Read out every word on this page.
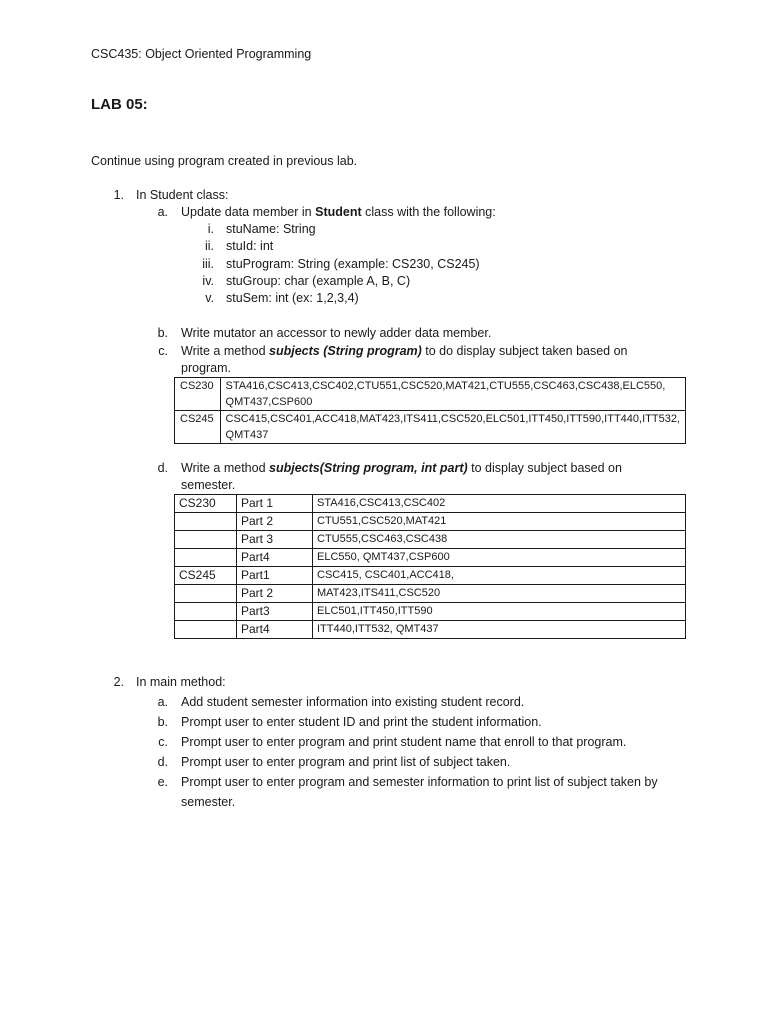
CSC435: Object Oriented Programming
LAB 05:
Continue using program created in previous lab.
1. In Student class:
a. Update data member in Student class with the following:
i. stuName: String
ii. stuId: int
iii. stuProgram: String (example: CS230, CS245)
iv. stuGroup: char (example A, B, C)
v. stuSem: int (ex: 1,2,3,4)
b. Write mutator an accessor to newly adder data member.
c. Write a method subjects (String program) to do display subject taken based on
program.
CS230	STA416,CSC413,CSC402,CTU551,CSC520,MAT421,CTU555,CSC463,CSC438,ELC550,
QMT437,CSP600

CS245	CSC415,CSC401,ACC418,MAT423,ITS411,CSC520,ELC501,ITT450,ITT590,ITT440,ITT532,
QMT437
d. Write a method subjects(String program, int part) to display subject based on
semester.
CS230	Part 1	STA416,CSC413,CSC402
	Part 2	CTU551,CSC520,MAT421
	Part 3	CTU555,CSC463,CSC438
	Part4	ELC550, QMT437,CSP600
CS245	Part1	CSC415, CSC401,ACC418,
	Part 2	MAT423,ITS411,CSC520
	Part3	ELC501,ITT450,ITT590
	Part4	ITT440,ITT532, QMT437
2. In main method:
a. Add student semester information into existing student record.
b. Prompt user to enter student ID and print the student information.
c. Prompt user to enter program and print student name that enroll to that program.
d. Prompt user to enter program and print list of subject taken.
e. Prompt user to enter program and semester information to print list of subject taken by
semester.
